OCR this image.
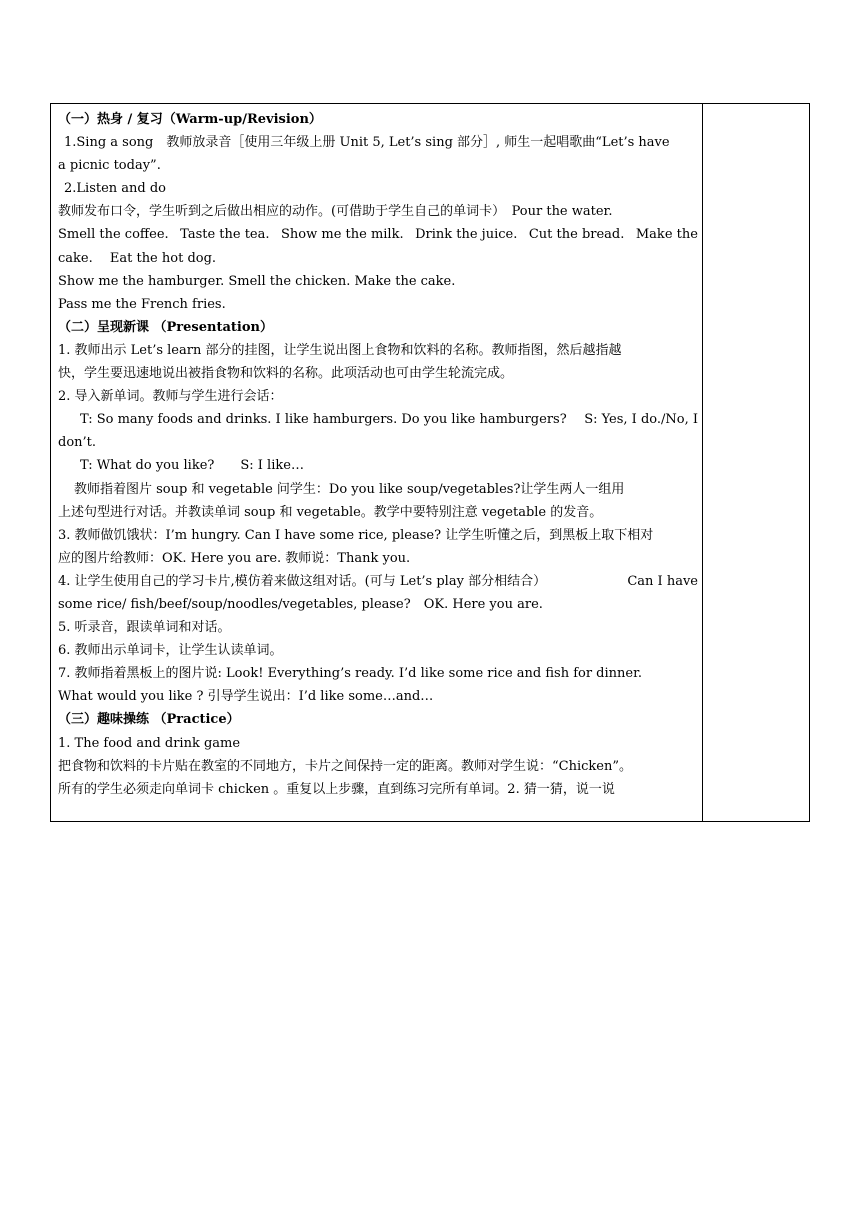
（一）热身 / 复习（Warm-up/Revision）
1.Sing a song　教师放录音［使用三年级上册 Unit 5, Let’s sing 部分］, 师生一起唱歌曲“Let’s have
a picnic today”.
2.Listen and do
教师发布口令，学生听到之后做出相应的动作。(可借助于学生自己的单词卡）　Pour the water.
Smell the coffee. Taste the tea. Show me the milk. Drink the juice. Cut the bread. Make the
cake.　 Eat the hot dog.
Show me the hamburger. Smell the chicken. Make the cake.
Pass me the French fries.
（二）呈现新课 （Presentation）
1. 教师出示 Let’s learn 部分的挂图，让学生说出图上食物和饮料的名称。教师指图，然后越指越
快，学生要迅速地说出被指食物和饮料的名称。此项活动也可由学生轮流完成。
2. 导入新单词。教师与学生进行会话：
T: So many foods and drinks. I like hamburgers. Do you like hamburgers? S: Yes, I do./No, I
don’t.
T: What do you like?　　S: I like…
教师指着图片 soup 和 vegetable 问学生：Do you like soup/vegetables?让学生两人一组用
上述句型进行对话。并教读单词 soup 和 vegetable。教学中要特别注意 vegetable 的发音。
3. 教师做饥饿状：I’m hungry. Can I have some rice, please? 让学生听懂之后，到黑板上取下相对
应的图片给教师：OK. Here you are. 教师说：Thank you.
4. 让学生使用自己的学习卡片,模仿着来做这组对话。(可与 Let’s play 部分相结合）	Can I have
some rice/ fish/beef/soup/noodles/vegetables, please?　OK. Here you are.
5. 听录音，跟读单词和对话。
6. 教师出示单词卡，让学生认读单词。
7. 教师指着黑板上的图片说: Look! Everything’s ready. I’d like some rice and fish for dinner.
What would you like ? 引导学生说出：I’d like some…and…
（三）趣味操练 （Practice）
1. The food and drink game
把食物和饮料的卡片贴在教室的不同地方，卡片之间保持一定的距离。教师对学生说：“Chicken”。
所有的学生必须走向单词卡 chicken 。重复以上步骤，直到练习完所有单词。2. 猜一猜，说一说
